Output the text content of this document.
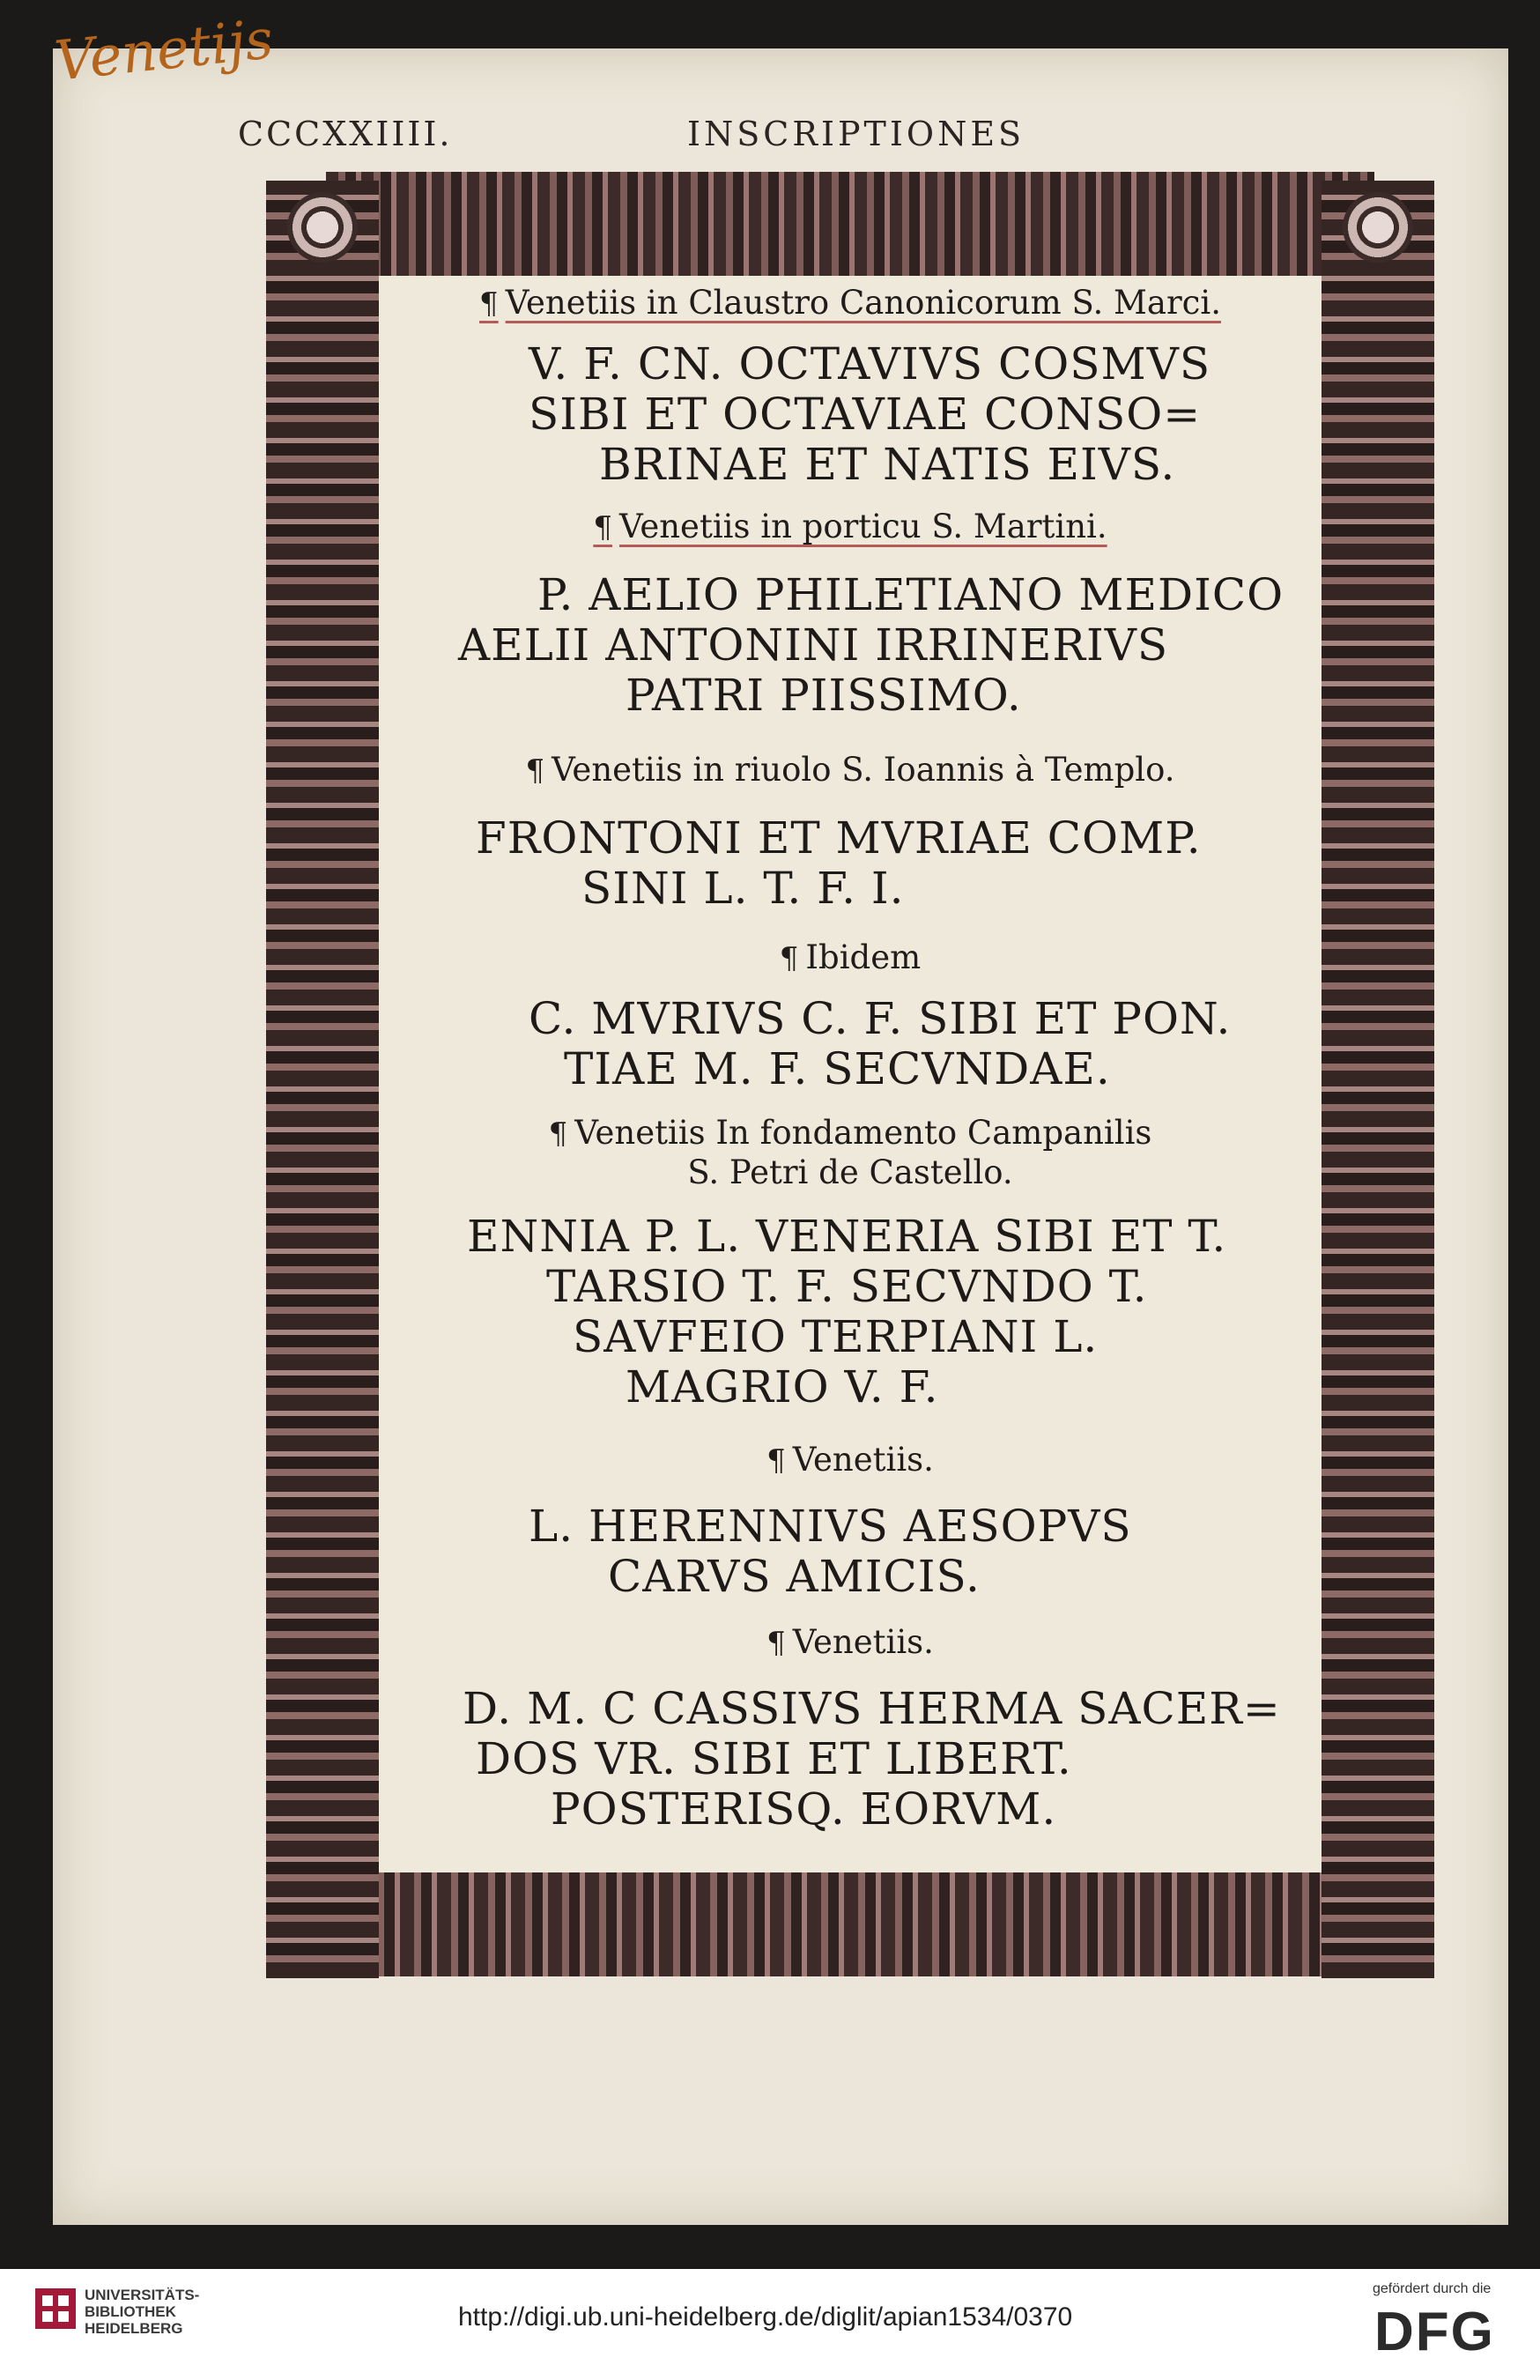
Venetijs
CCCXXIIII.	INSCRIPTIONES

¶ Venetiis in Claustro Canonicorum S. Marci.

V. F. CN. OCTAVIVS COSMVS

SIBI ET OCTAVIAE CONSO=

BRINAE ET NATIS EIVS.

¶ Venetiis in porticu S. Martini.

P. AELIO PHILETIANO MEDICO

AELII ANTONINI IRRINERIVS

PATRI PIISSIMO.

¶ Venetiis in riuolo S. Ioannis à Templo.

FRONTONI ET MVRIAE COMP.

SINI L. T. F. I.

¶ Ibidem

C. MVRIVS C. F. SIBI ET PON.

TIAE M. F. SECVNDAE.

¶ Venetiis In fondamento Campanilis

S. Petri de Castello.

ENNIA P. L. VENERIA SIBI ET T.

TARSIO T. F. SECVNDO T.

SAVFEIO TERPIANI L.

MAGRIO V. F.

¶ Venetiis.

L. HERENNIVS AESOPVS

CARVS AMICIS.

¶ Venetiis.

D. M. C CASSIVS HERMA SACER=

DOS VR. SIBI ET LIBERT.

POSTERISQ. EORVM.

UNIVERSITÄTS-
BIBLIOTHEK
HEIDELBERG	http://digi.ub.uni-heidelberg.de/diglit/apian1534/0370
gefördert durch die
DFG
